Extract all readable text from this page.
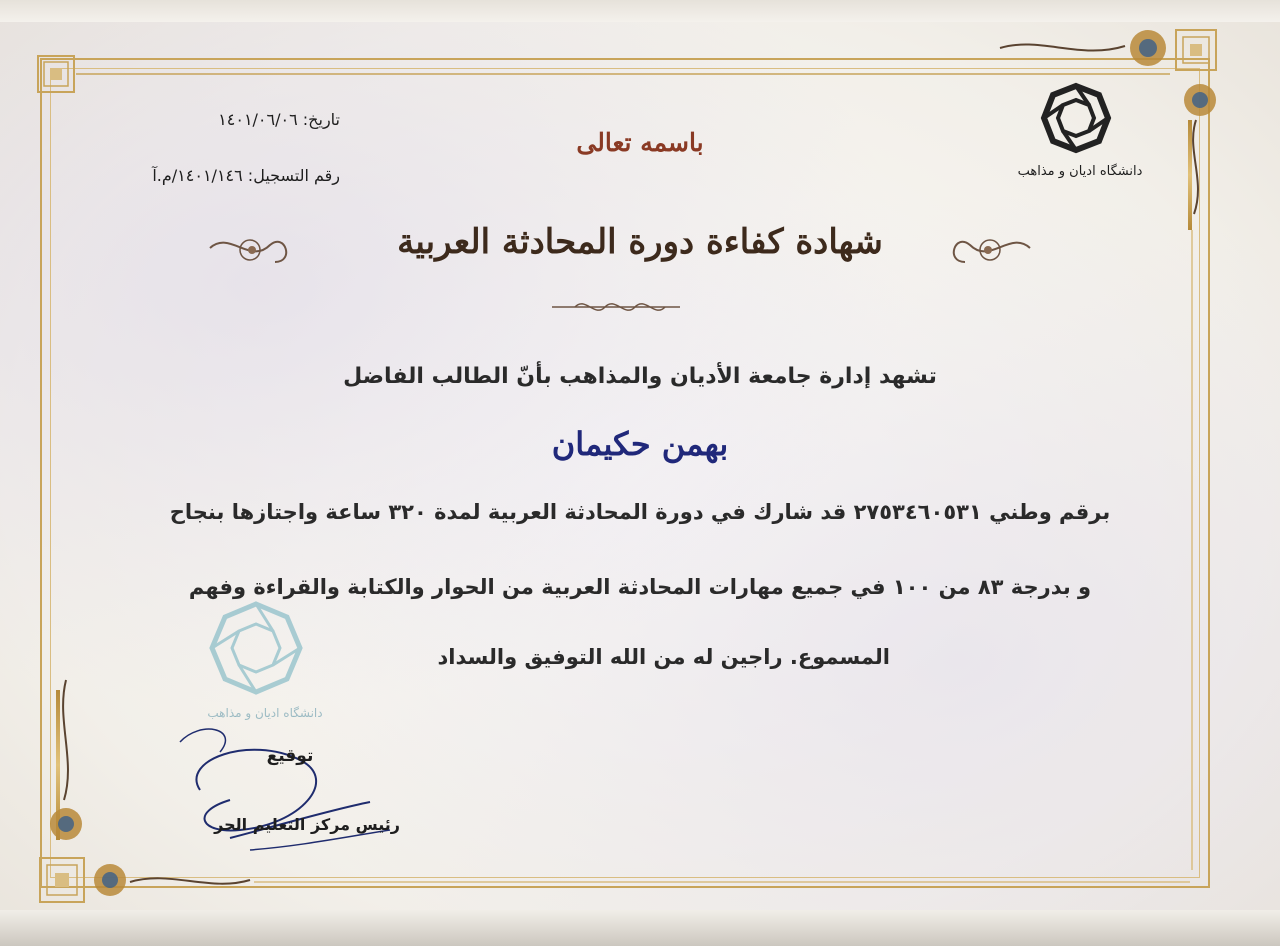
باسمه تعالى
تاريخ: ١٤٠١/٠٦/٠٦
رقم التسجيل: ١٤٠١/١٤٦/م.آ	دانشگاه ادیان و مذاهب
شهادة كفاءة دورة المحادثة العربية
تشهد إدارة جامعة الأديان والمذاهب بأنّ الطالب الفاضل
بهمن حكيمان
برقم وطني ٢٧٥٣٤٦٠٥٣١ قد شارك في دورة المحادثة العربية لمدة ٣٢٠ ساعة واجتازها بنجاح
و بدرجة ٨٣ من ١٠٠ في جميع مهارات المحادثة العربية من الحوار والكتابة والقراءة وفهم
المسموع. راجين له من الله التوفيق والسداد
دانشگاه ادیان و مذاهب
توقيع
رئيس مركز التعليم الحر
